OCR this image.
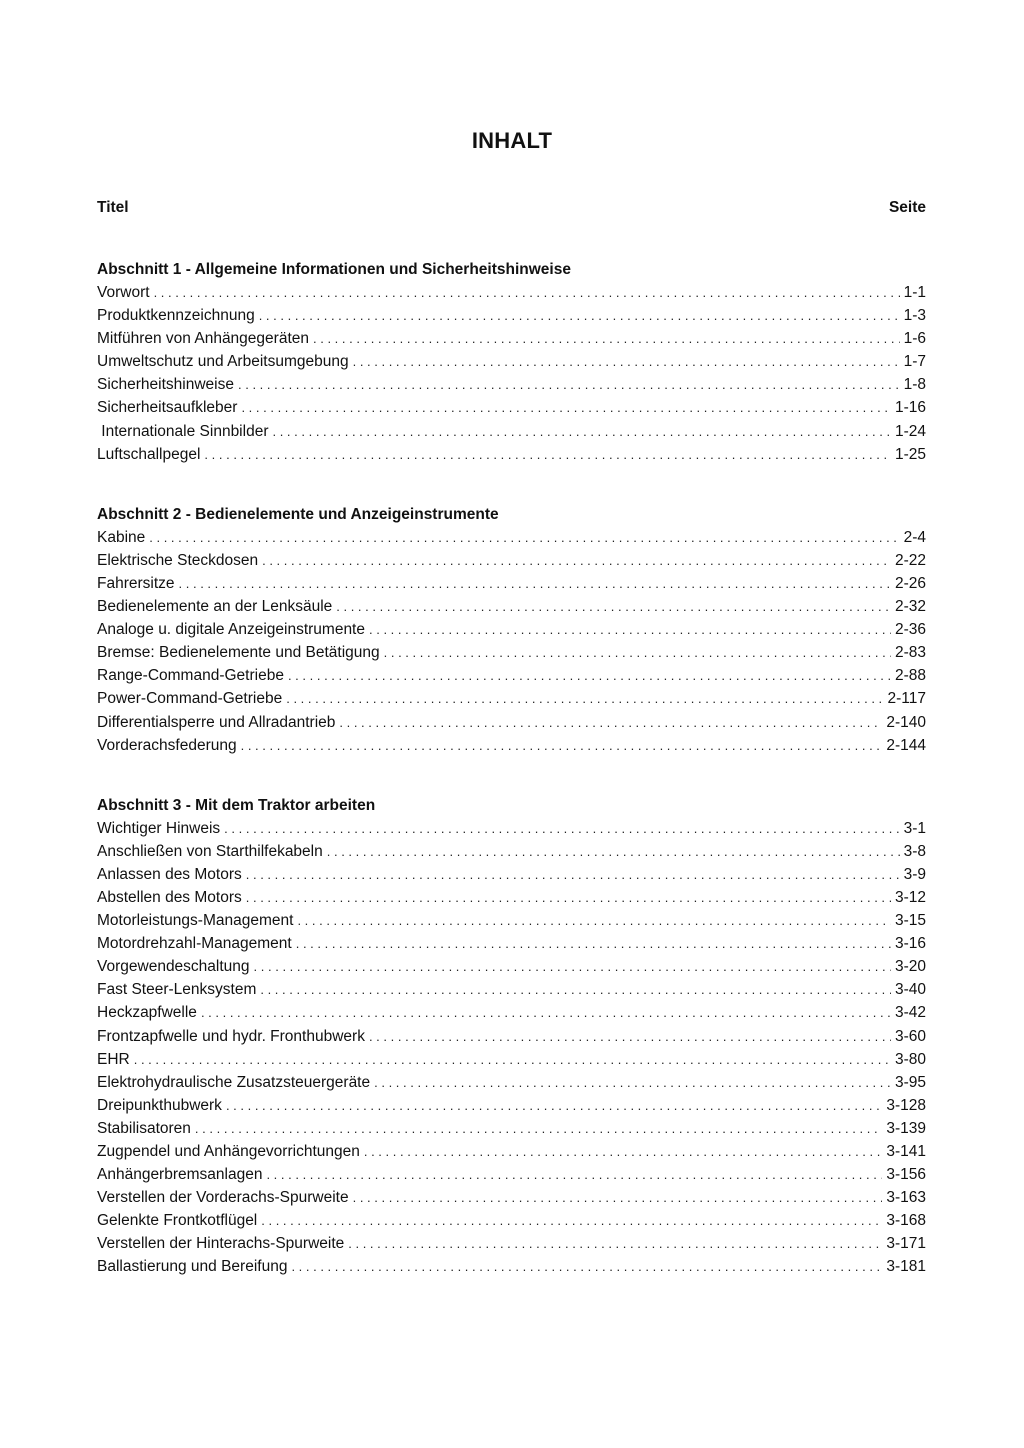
INHALT
Titel	Seite
Abschnitt 1 - Allgemeine Informationen und Sicherheitshinweise
Vorwort . . .	1-1
Produktkennzeichnung . . .	1-3
Mitführen von Anhängegeräten . . .	1-6
Umweltschutz und Arbeitsumgebung . . .	1-7
Sicherheitshinweise . . .	1-8
Sicherheitsaufkleber . . .	1-16
Internationale Sinnbilder . . .	1-24
Luftschallpegel . . .	1-25
Abschnitt 2 - Bedienelemente und Anzeigeinstrumente
Kabine . . .	2-4
Elektrische Steckdosen . . .	2-22
Fahrersitze . . .	2-26
Bedienelemente an der Lenksäule . . .	2-32
Analoge u. digitale Anzeigeinstrumente . . .	2-36
Bremse: Bedienelemente und Betätigung . . .	2-83
Range-Command-Getriebe . . .	2-88
Power-Command-Getriebe . . .	2-117
Differentialsperre und Allradantrieb . . .	2-140
Vorderachsfederung . . .	2-144
Abschnitt 3 - Mit dem Traktor arbeiten
Wichtiger Hinweis . . .	3-1
Anschließen von Starthilfekabeln . . .	3-8
Anlassen des Motors . . .	3-9
Abstellen des Motors . . .	3-12
Motorleistungs-Management . . .	3-15
Motordrehzahl-Management . . .	3-16
Vorgewendeschaltung . . .	3-20
Fast Steer-Lenksystem . . .	3-40
Heckzapfwelle . . .	3-42
Frontzapfwelle und hydr. Fronthubwerk . . .	3-60
EHR . . .	3-80
Elektrohydraulische Zusatzsteuergeräte . . .	3-95
Dreipunkthubwerk . . .	3-128
Stabilisatoren . . .	3-139
Zugpendel und Anhängevorrichtungen . . .	3-141
Anhängerbremsanlagen . . .	3-156
Verstellen der Vorderachs-Spurweite . . .	3-163
Gelenkte Frontkotflügel . . .	3-168
Verstellen der Hinterachs-Spurweite . . .	3-171
Ballastierung und Bereifung . . .	3-181
